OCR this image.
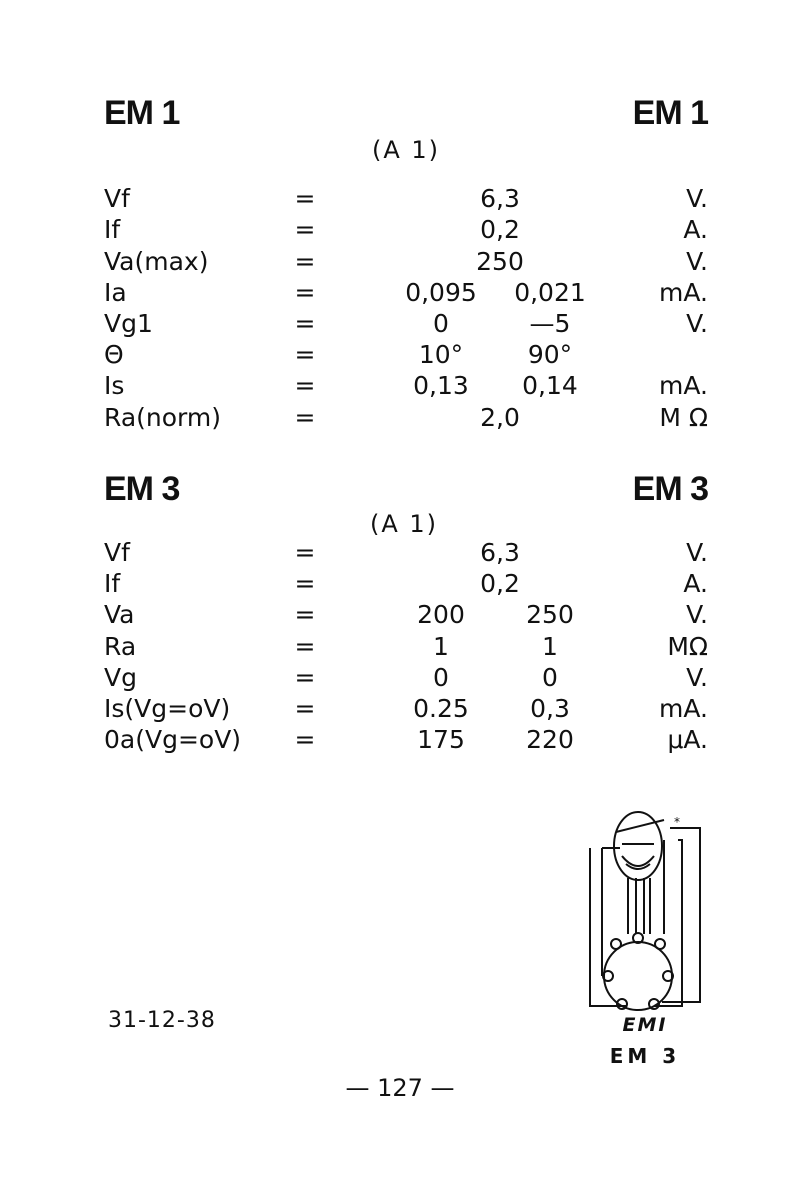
EM 1	EM 1
(A 1)
Vf	=	6,3	V.
If	=	0,2	A.
Va(max)	=	250	V.
Ia	=	0,095	0,021	mA.
Vg1	=	0	—5	V.
Θ	=	10°	90°
Is	=	0,13	0,14	mA.
Ra(norm)	=	2,0	M Ω
EM 3	EM 3
(A 1)
Vf	=	6,3	V.
If	=	0,2	A.
Va	=	200	250	V.
Ra	=	1	1	MΩ
Vg	=	0	0	V.
Is(Vg=oV)	=	0.25	0,3	mA.
0a(Vg=oV) =	175	220	μA.
*
EMI
EM 3
31-12-38
— 127 —
